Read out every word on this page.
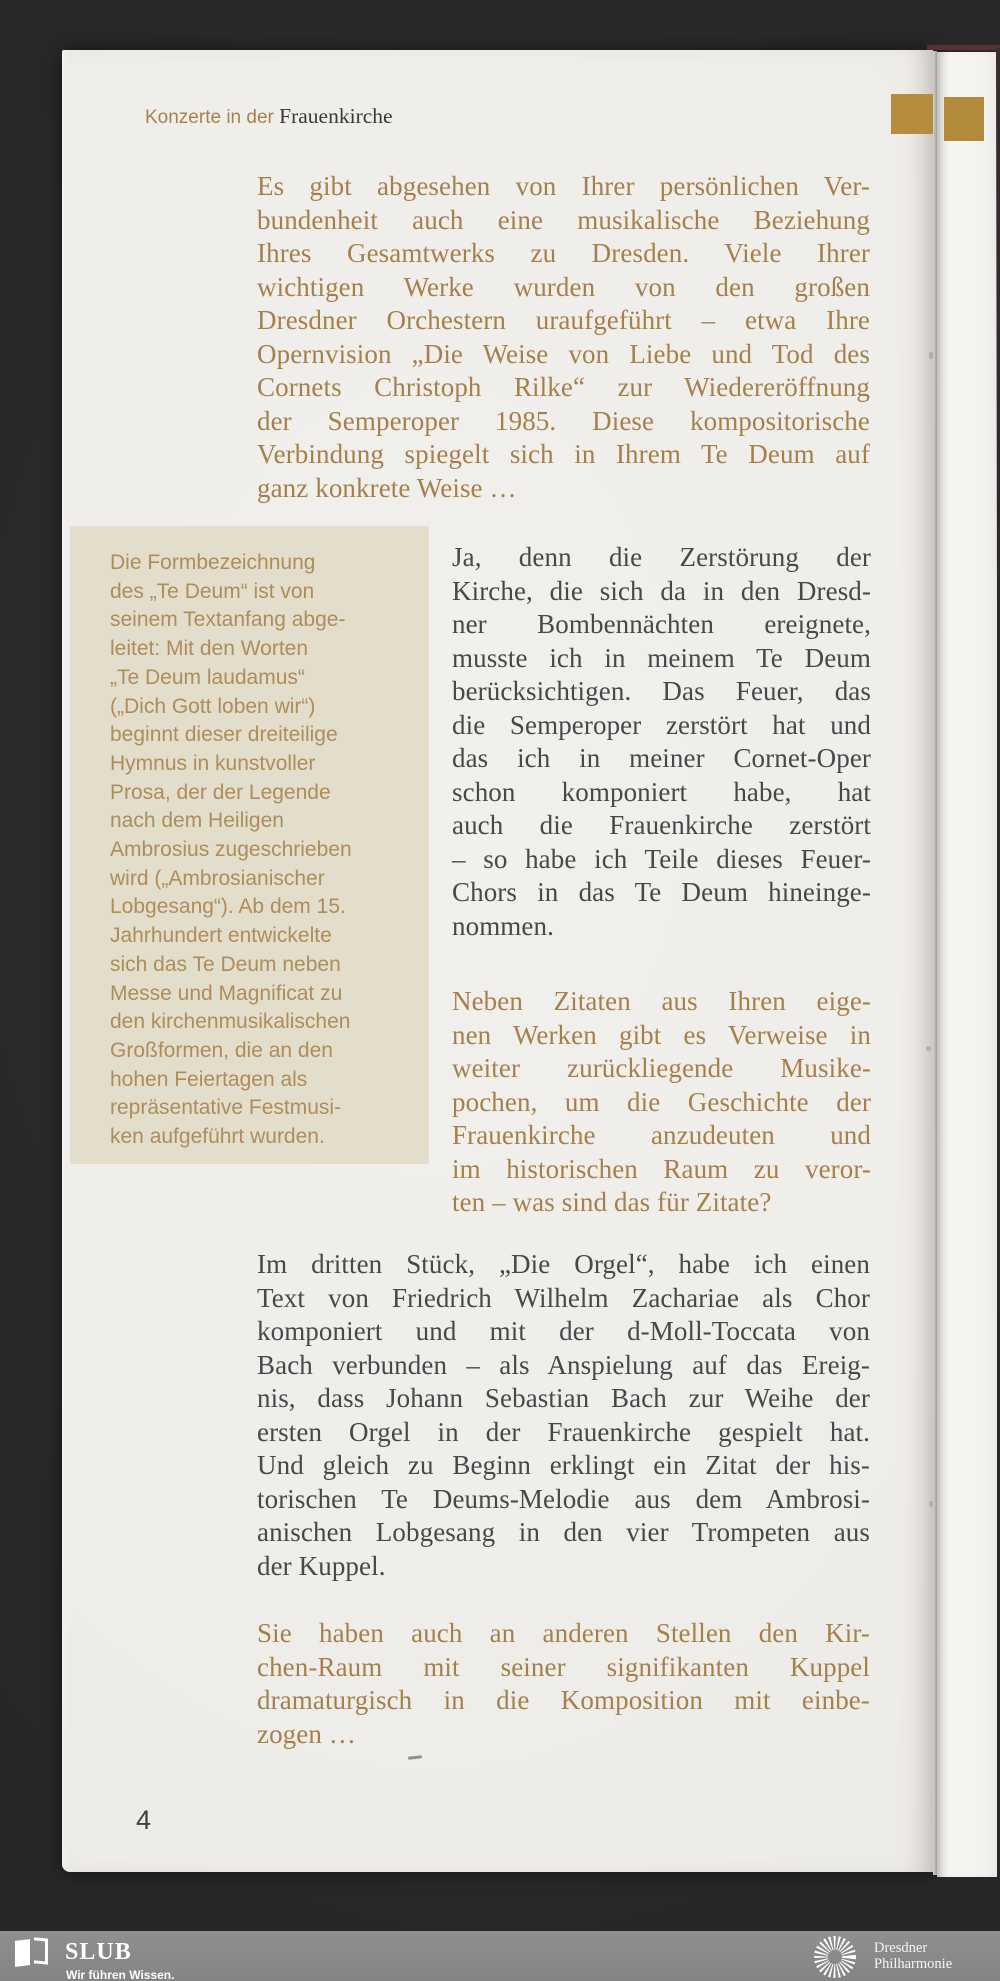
Konzerte in der Frauenkirche
Es gibt abgesehen von Ihrer persönlichen Ver-
bundenheit auch eine musikalische Beziehung
Ihres Gesamtwerks zu Dresden. Viele Ihrer
wichtigen Werke wurden von den großen
Dresdner Orchestern uraufgeführt – etwa Ihre
Opernvision „Die Weise von Liebe und Tod des
Cornets Christoph Rilke“ zur Wiedereröffnung
der Semperoper 1985. Diese kompositorische
Verbindung spiegelt sich in Ihrem Te Deum auf
ganz konkrete Weise …
Die Formbezeichnung
des „Te Deum“ ist von
seinem Textanfang abge-
leitet: Mit den Worten
„Te Deum laudamus“
(„Dich Gott loben wir“)
beginnt dieser dreiteilige
Hymnus in kunstvoller
Prosa, der der Legende
nach dem Heiligen
Ambrosius zugeschrieben
wird („Ambrosianischer
Lobgesang“). Ab dem 15.
Jahrhundert entwickelte
sich das Te Deum neben
Messe und Magnificat zu
den kirchenmusikalischen
Großformen, die an den
hohen Feiertagen als
repräsentative Festmusi-
ken aufgeführt wurden.
Ja, denn die Zerstörung der
Kirche, die sich da in den Dresd-
ner Bombennächten ereignete,
musste ich in meinem Te Deum
berücksichtigen. Das Feuer, das
die Semperoper zerstört hat und
das ich in meiner Cornet-Oper
schon komponiert habe, hat
auch die Frauenkirche zerstört
– so habe ich Teile dieses Feuer-
Chors in das Te Deum hineinge-
nommen.
Neben Zitaten aus Ihren eige-
nen Werken gibt es Verweise in
weiter zurückliegende Musike-
pochen, um die Geschichte der
Frauenkirche anzudeuten und
im historischen Raum zu veror-
ten – was sind das für Zitate?
Im dritten Stück, „Die Orgel“, habe ich einen
Text von Friedrich Wilhelm Zachariae als Chor
komponiert und mit der d-Moll-Toccata von
Bach verbunden – als Anspielung auf das Ereig-
nis, dass Johann Sebastian Bach zur Weihe der
ersten Orgel in der Frauenkirche gespielt hat.
Und gleich zu Beginn erklingt ein Zitat der his-
torischen Te Deums-Melodie aus dem Ambrosi-
anischen Lobgesang in den vier Trompeten aus
der Kuppel.
Sie haben auch an anderen Stellen den Kir-
chen-Raum mit seiner signifikanten Kuppel
dramaturgisch in die Komposition mit einbe-
zogen …
4
SLUB
Wir führen Wissen.
Dresdner
Philharmonie
